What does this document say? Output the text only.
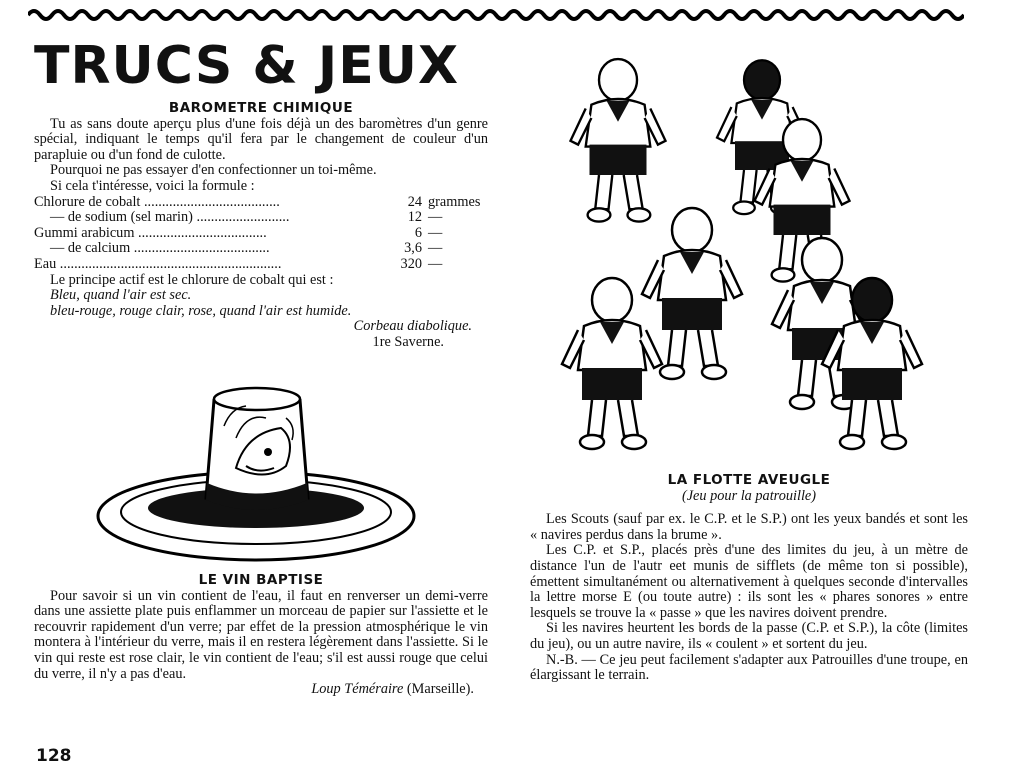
TRUCS & JEUX
BAROMETRE CHIMIQUE

Tu as sans doute aperçu plus d'une fois déjà un des baromètres d'un genre spécial, indiquant le temps qu'il fera par le changement de couleur d'un parapluie ou d'un fond de culotte.

Pourquoi ne pas essayer d'en confectionner un toi-même.

Si cela t'intéresse, voici la formule :

Chlorure de cobalt ......................................	24 grammes
— de sodium (sel marin) ..........................	12 —
Gummi arabicum ....................................	6 —
— de calcium ......................................	3,6 —
Eau ..............................................................	320 —

Le principe actif est le chlorure de cobalt qui est :

Bleu, quand l'air est sec.
bleu-rouge, rouge clair, rose, quand l'air est humide.
Corbeau diabolique.
1re Saverne.
LE VIN BAPTISE

Pour savoir si un vin contient de l'eau, il faut en renverser un demi-verre dans une assiette plate puis enflammer un morceau de papier sur l'assiette et le recouvrir rapidement d'un verre; par effet de la pression atmosphérique le vin montera à l'intérieur du verre, mais il en restera légèrement dans l'assiette. Si le vin qui reste est rose clair, le vin contient de l'eau; s'il est aussi rouge que celui du verre, il n'y a pas d'eau.

Loup Téméraire (Marseille).
LA FLOTTE AVEUGLE
(Jeu pour la patrouille)

Les Scouts (sauf par ex. le C.P. et le S.P.) ont les yeux bandés et sont les « navires perdus dans la brume ».

Les C.P. et S.P., placés près d'une des limites du jeu, à un mètre de distance l'un de l'autr eet munis de sifflets (de même ton si possible), émettent simultanément ou alternativement à quelques seconde d'intervalles la lettre morse E (ou toute autre) : ils sont les « phares sonores » entre lesquels se trouve la « passe » que les navires doivent prendre.

Si les navires heurtent les bords de la passe (C.P. et S.P.), la côte (limites du jeu), ou un autre navire, ils « coulent » et sortent du jeu.

N.-B. — Ce jeu peut facilement s'adapter aux Patrouilles d'une troupe, en élargissant le terrain.

128
